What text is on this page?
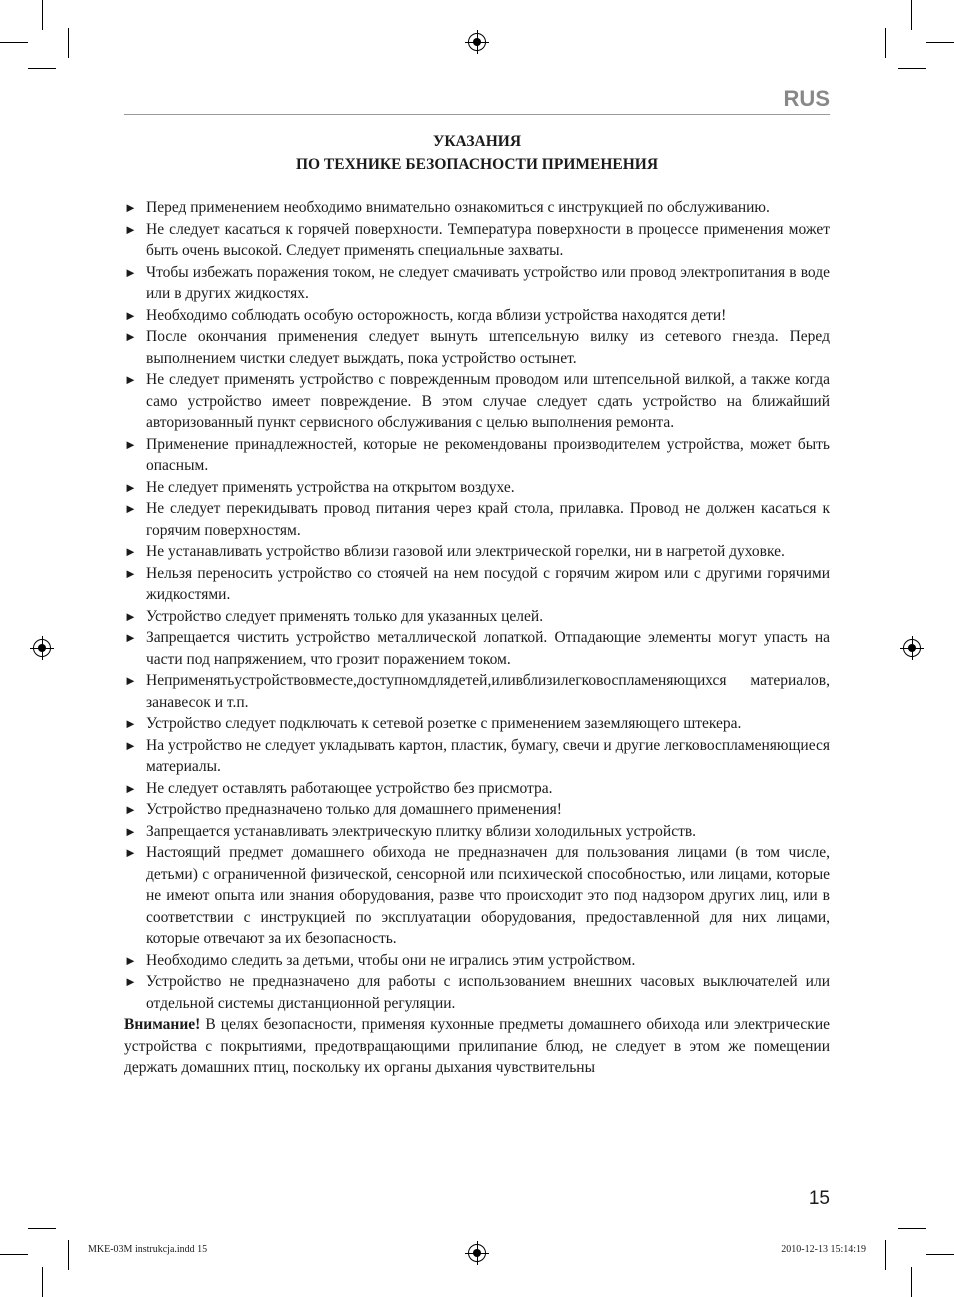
RUS
УКАЗАНИЯ
ПО ТЕХНИКЕ БЕЗОПАСНОСТИ ПРИМЕНЕНИЯ
► Перед применением необходимо внимательно ознакомиться с инструкцией по обслуживанию.
► Не следует касаться к горячей поверхности. Температура поверхности в процессе применения может быть очень высокой. Следует применять специальные захваты.
► Чтобы избежать поражения током, не следует смачивать устройство или провод электропитания в воде или в других жидкостях.
► Необходимо соблюдать особую осторожность, когда вблизи устройства находятся дети!
► После окончания применения следует вынуть штепсельную вилку из сетевого гнезда. Перед выполнением чистки следует выждать, пока устройство остынет.
► Не следует применять устройство с поврежденным проводом или штепсельной вилкой, а также когда само устройство имеет повреждение. В этом случае следует сдать устройство на ближайший авторизованный пункт сервисного обслуживания с целью выполнения ремонта.
► Применение принадлежностей, которые не рекомендованы производителем устройства, может быть опасным.
► Не следует применять устройства на открытом воздухе.
► Не следует перекидывать провод питания через край стола, прилавка. Провод не должен касаться к горячим поверхностям.
► Не устанавливать устройство вблизи газовой или электрической горелки, ни в нагретой духовке.
► Нельзя переносить устройство со стоячей на нем посудой с горячим жиром или с другими горячими жидкостями.
► Устройство следует применять только для указанных целей.
► Запрещается чистить устройство металлической лопаткой. Отпадающие элементы могут упасть на части под напряжением, что грозит поражением током.
► Неприменятьустройствовместе,доступномдлядетей,иливблизилегковоспламеняющихся материалов, занавесок и т.п.
► Устройство следует подключать к сетевой розетке с применением заземляющего штекера.
► На устройство не следует укладывать картон, пластик, бумагу, свечи и другие легковоспламеняющиеся материалы.
► Не следует оставлять работающее устройство без присмотра.
► Устройство предназначено только для домашнего применения!
► Запрещается устанавливать электрическую плитку вблизи холодильных устройств.
► Настоящий предмет домашнего обихода не предназначен для пользования лицами (в том числе, детьми) с ограниченной физической, сенсорной или психической способностью, или лицами, которые не имеют опыта или знания оборудования, разве что происходит это под надзором других лиц, или в соответствии с инструкцией по эксплуатации оборудования, предоставленной для них лицами, которые отвечают за их безопасность.
► Необходимо следить за детьми, чтобы они не игрались этим устройством.
► Устройство не предназначено для работы с использованием внешних часовых выключателей или отдельной системы дистанционной регуляции.

Внимание! В целях безопасности, применяя кухонные предметы домашнего обихода или электрические устройства с покрытиями, предотвращающими прилипание блюд, не следует в этом же помещении держать домашних птиц, поскольку их органы дыхания чувствительны

15
MKE-03M instrukcja.indd 15	2010-12-13 15:14:19
